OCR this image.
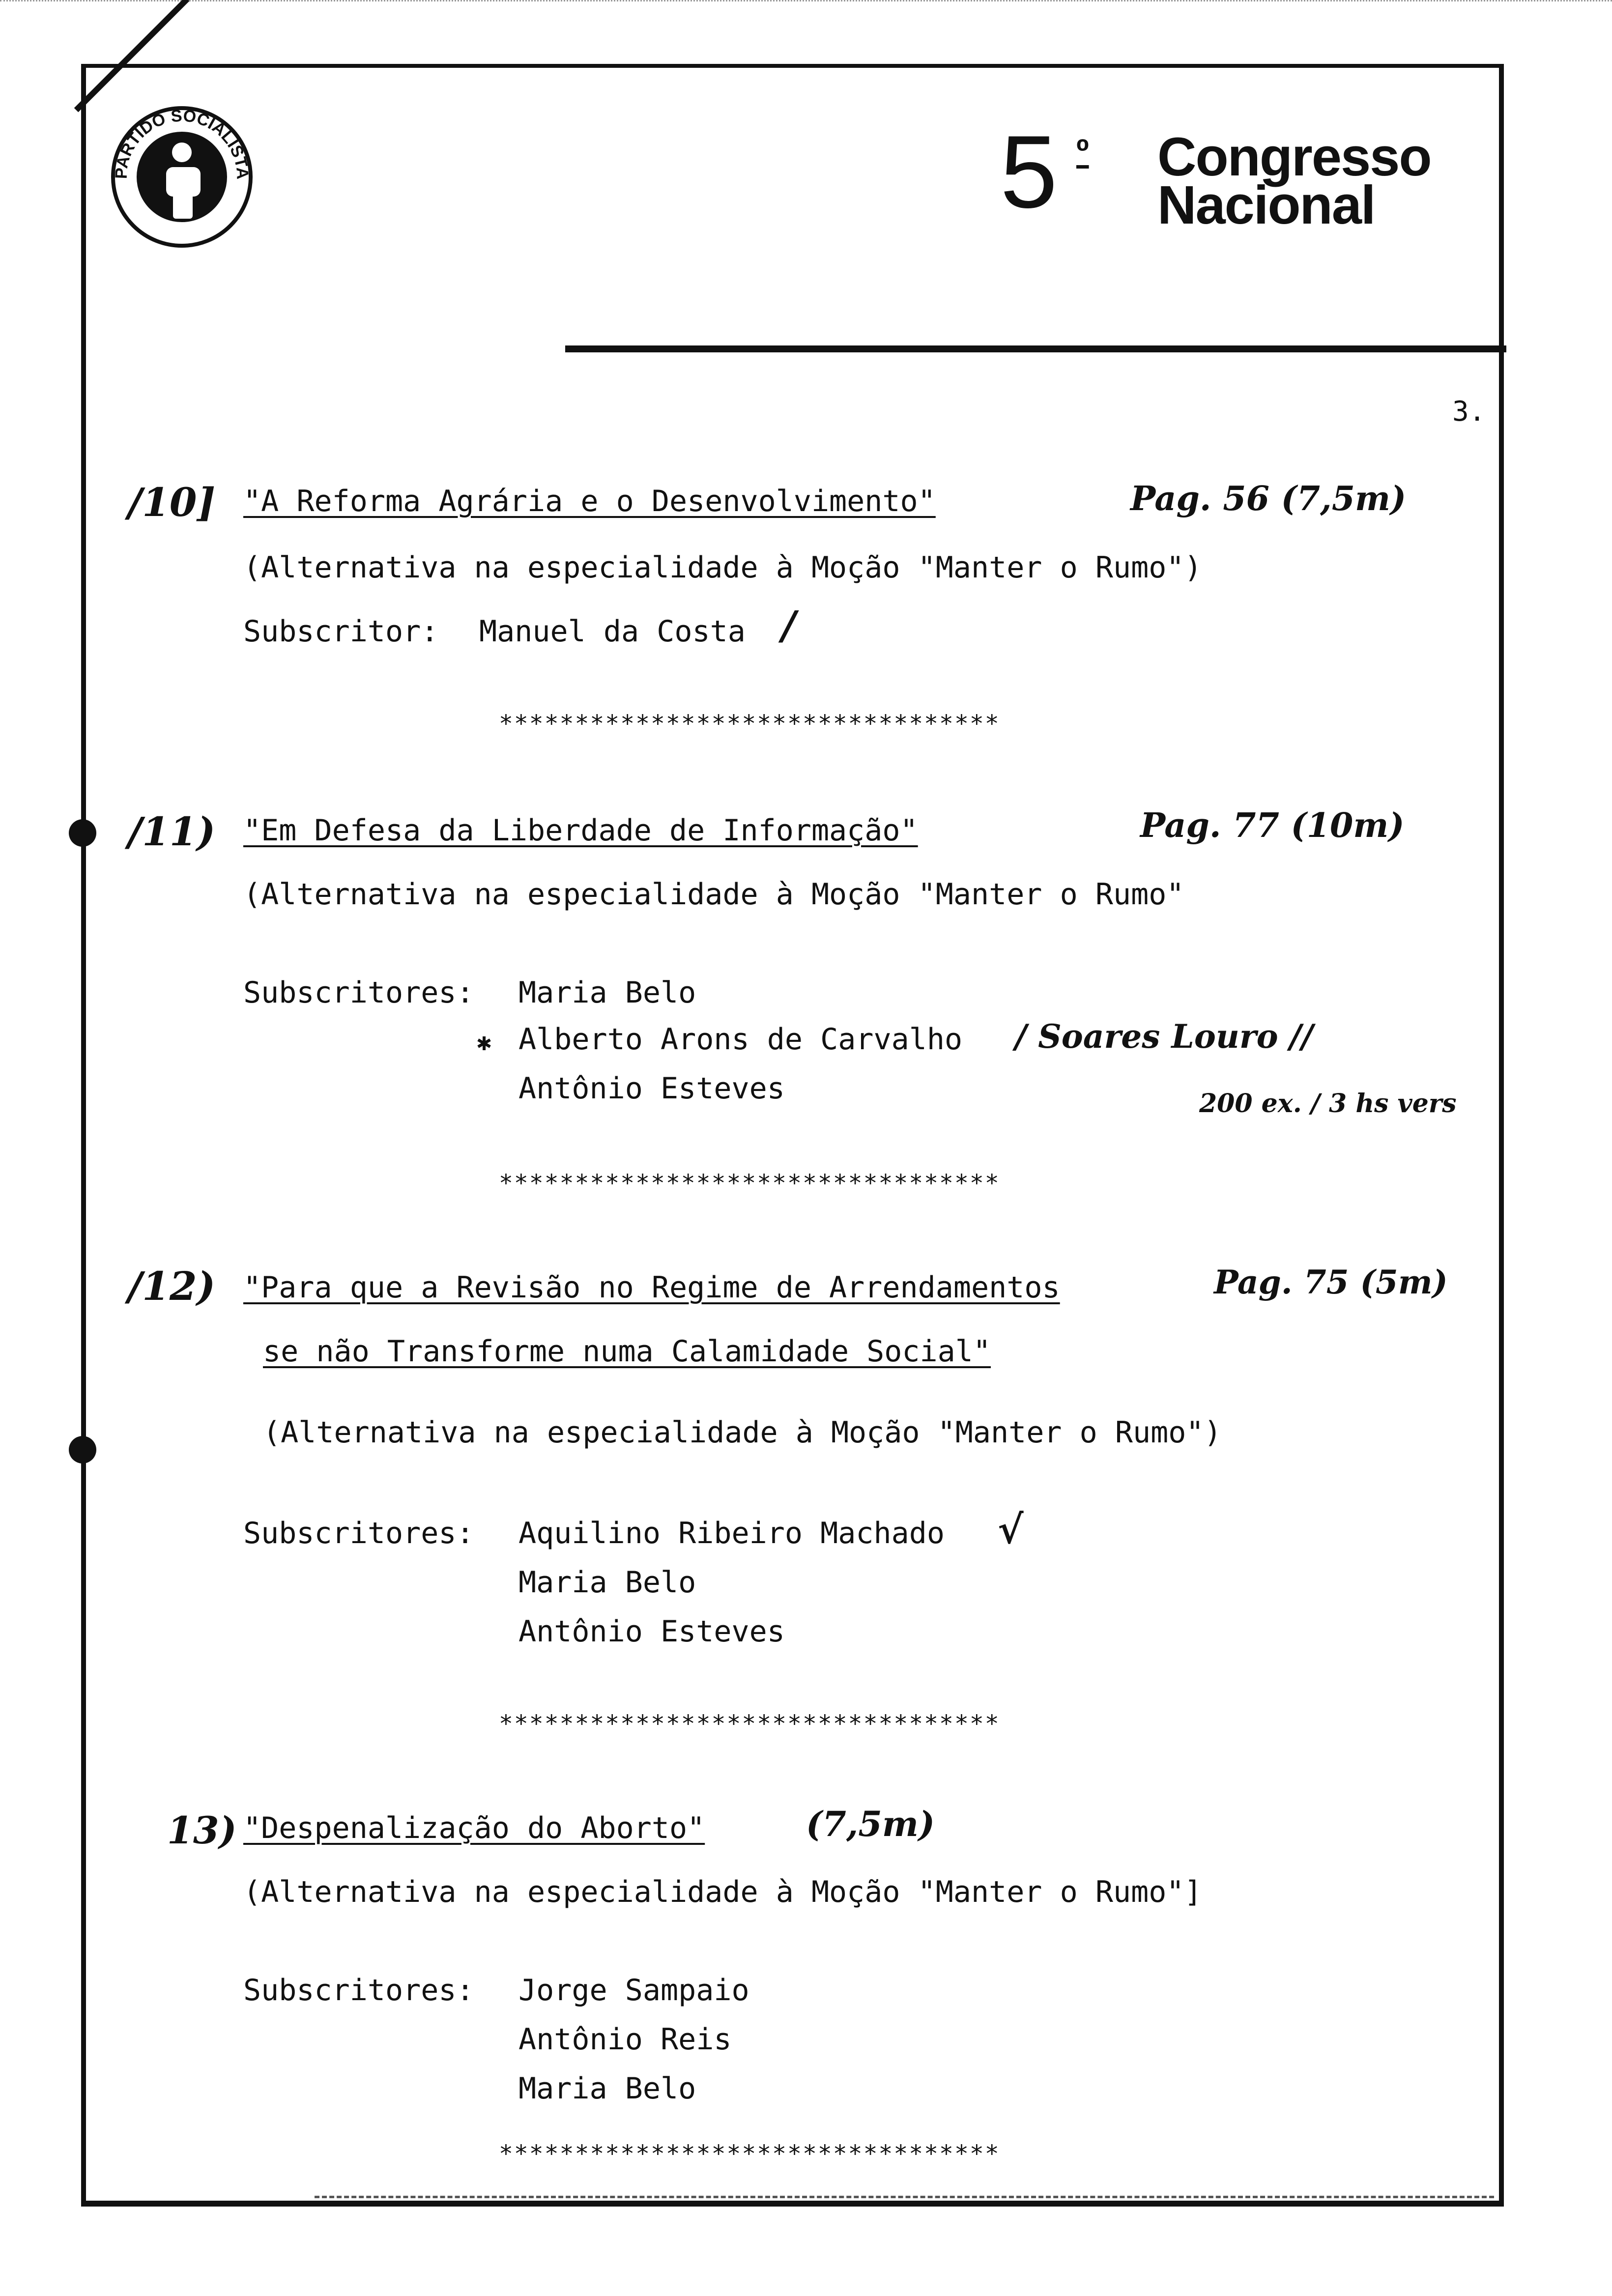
PARTIDO SOCIALISTA	5 º Congresso
Nacional
3.
/10] "A Reforma Agrária e o Desenvolvimento"	Pag. 56 (7,5m)
(Alternativa na especialidade à Moção "Manter o Rumo")
Subscritor: Manuel da Costa /
*********************************
/11) "Em Defesa da Liberdade de Informação"	Pag. 77 (10m)
(Alternativa na especialidade à Moção "Manter o Rumo"
Subscritores: Maria Belo
✱ Alberto Arons de Carvalho / Soares Louro //
Antônio Esteves	200 ex. / 3 hs vers
*********************************
/12) "Para que a Revisão no Regime de Arrendamentos
se não Transforme numa Calamidade Social"
Pag. 75 (5m)
(Alternativa na especialidade à Moção "Manter o Rumo")
Subscritores: Aquilino Ribeiro Machado √
Maria Belo
Antônio Esteves
*********************************
13) "Despenalização do Aborto"	(7,5m)
(Alternativa na especialidade à Moção "Manter o Rumo"]
Subscritores: Jorge Sampaio
Antônio Reis
Maria Belo
*********************************
